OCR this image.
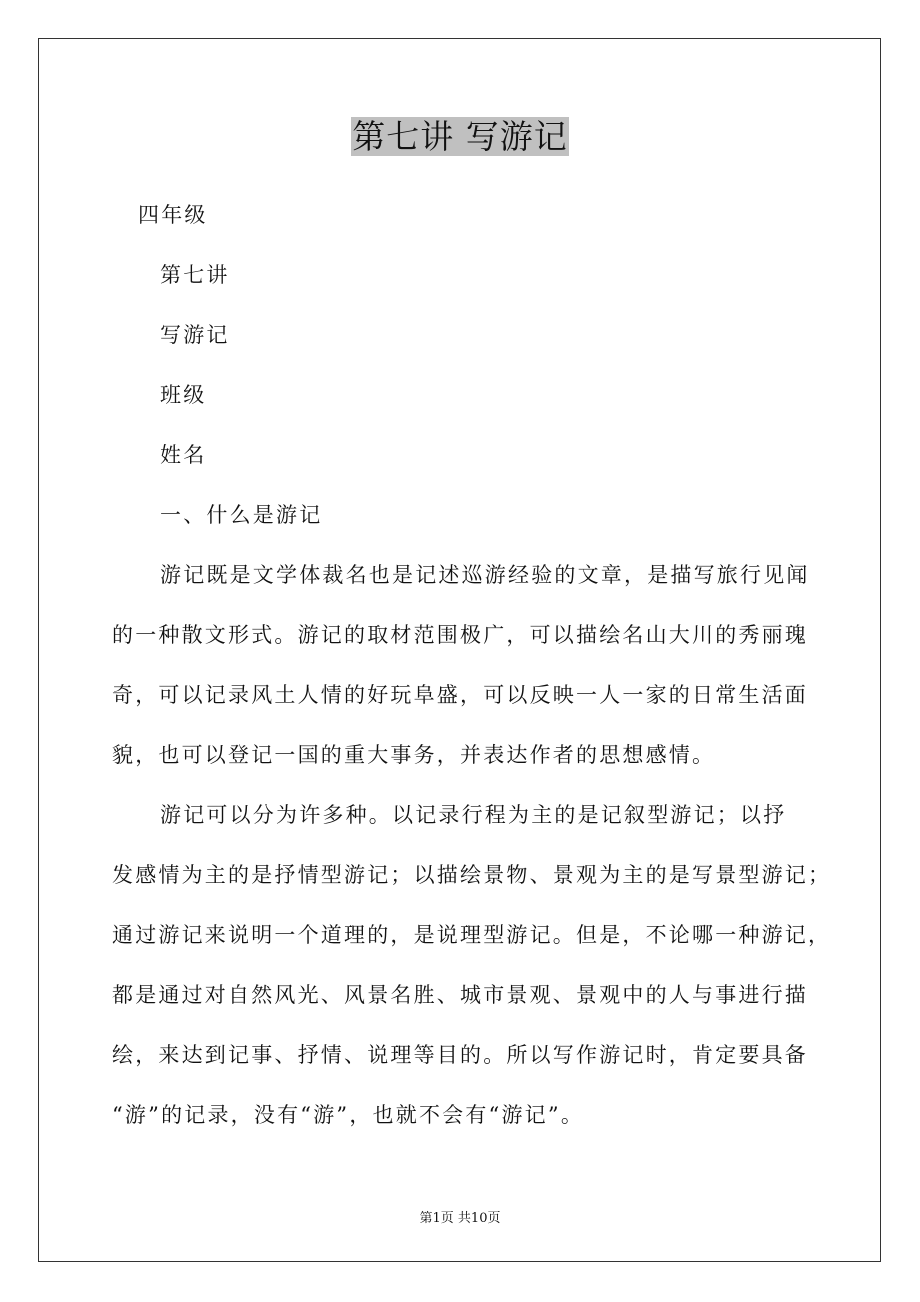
第七讲 写游记
四年级
第七讲
写游记
班级
姓名
一、什么是游记
游记既是文学体裁名也是记述巡游经验的文章，是描写旅行见闻
的一种散文形式。游记的取材范围极广，可以描绘名山大川的秀丽瑰
奇，可以记录风土人情的好玩阜盛，可以反映一人一家的日常生活面
貌，也可以登记一国的重大事务，并表达作者的思想感情。
游记可以分为许多种。以记录行程为主的是记叙型游记；以抒
发感情为主的是抒情型游记；以描绘景物、景观为主的是写景型游记；
通过游记来说明一个道理的，是说理型游记。但是，不论哪一种游记，
都是通过对自然风光、风景名胜、城市景观、景观中的人与事进行描
绘，来达到记事、抒情、说理等目的。所以写作游记时，肯定要具备
“游”的记录，没有“游”，也就不会有“游记”。
第1页 共10页
